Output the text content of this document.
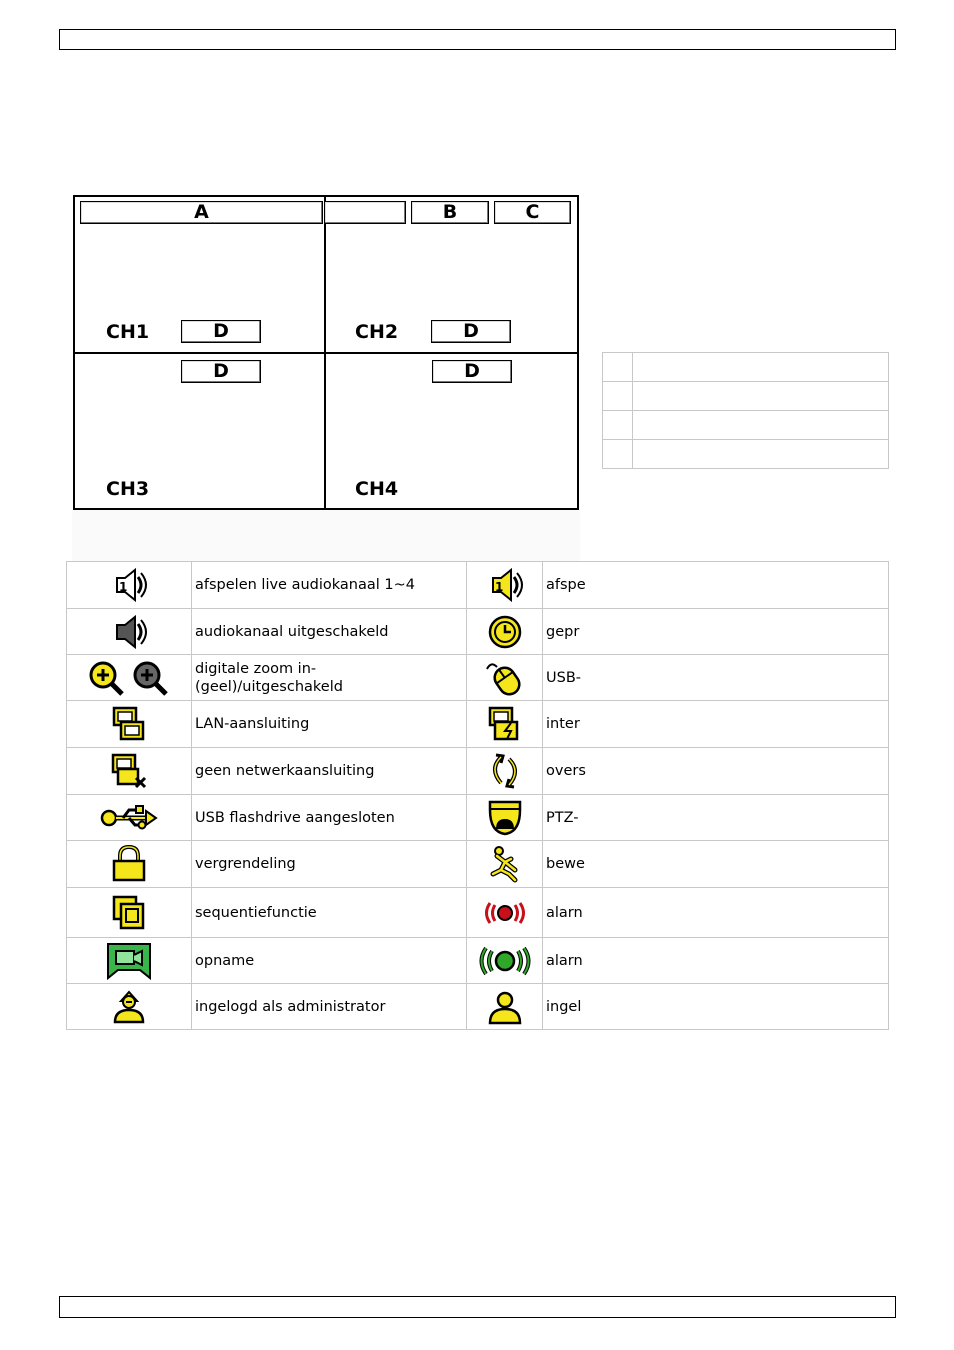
A	B	C
CH1	D	CH2	D
D	D
CH3	CH4

1	afspelen live audiokanaal 1~4	1	afspe

	audiokanaal uitgeschakeld		gepr

	digitale zoom in-
(geel)/uitgeschakeld		USB-

	LAN-aansluiting		inter

	geen netwerkaansluiting		overs

	USB flashdrive aangesloten		PTZ-

	vergrendeling		bewe

	sequentiefunctie		alarn

	opname		alarn

	ingelogd als administrator		ingel
